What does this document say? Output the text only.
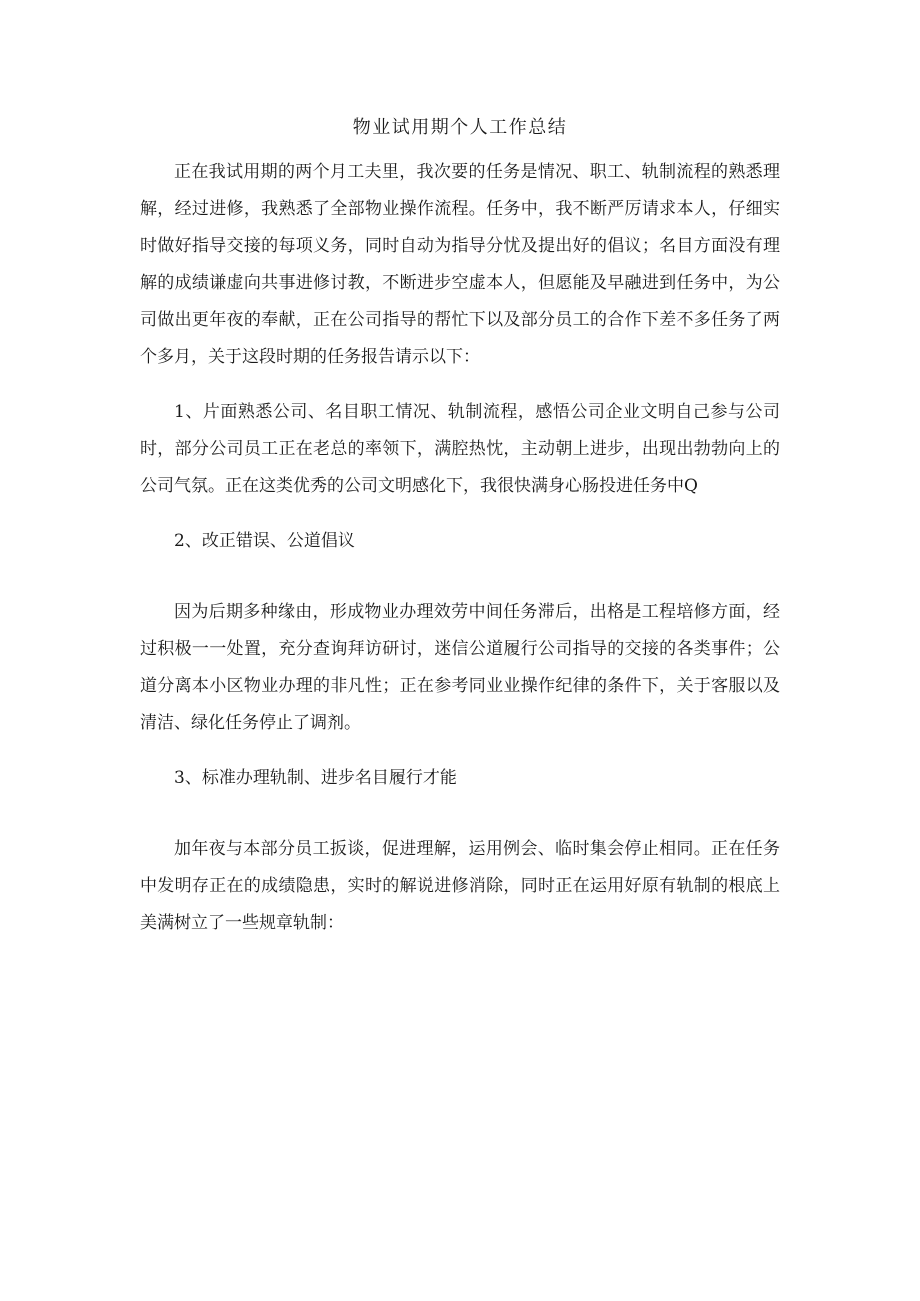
物业试用期个人工作总结

正在我试用期的两个月工夫里，我次要的任务是情况、职工、轨制流程的熟悉理解，经过进修，我熟悉了全部物业操作流程。任务中，我不断严厉请求本人，仔细实时做好指导交接的每项义务，同时自动为指导分忧及提出好的倡议；名目方面没有理解的成绩谦虚向共事进修讨教，不断进步空虚本人，但愿能及早融进到任务中，为公司做出更年夜的奉献，正在公司指导的帮忙下以及部分员工的合作下差不多任务了两个多月，关于这段时期的任务报告请示以下：

1、片面熟悉公司、名目职工情况、轨制流程，感悟公司企业文明自己参与公司时，部分公司员工正在老总的率领下，满腔热忱，主动朝上进步，出现出勃勃向上的公司气氛。正在这类优秀的公司文明感化下，我很快满身心肠投进任务中Q

2、改正错误、公道倡议

因为后期多种缘由，形成物业办理效劳中间任务滞后，出格是工程培修方面，经过积极一一处置，充分查询拜访研讨，迷信公道履行公司指导的交接的各类事件；公道分离本小区物业办理的非凡性；正在参考同业业操作纪律的条件下，关于客服以及清洁、绿化任务停止了调剂。

3、标准办理轨制、进步名目履行才能

加年夜与本部分员工扳谈，促进理解，运用例会、临时集会停止相同。正在任务中发明存正在的成绩隐患，实时的解说进修消除，同时正在运用好原有轨制的根底上美满树立了一些规章轨制：
